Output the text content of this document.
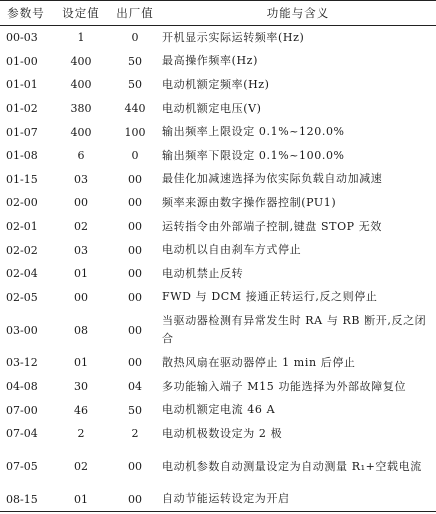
参数号	设定值	出厂值	功能与含义
00-03	1	0	开机显示实际运转频率(Hz)
01-00	400	50	最高操作频率(Hz)
01-01	400	50	电动机额定频率(Hz)
01-02	380	440	电动机额定电压(V)
01-07	400	100	输出频率上限设定 0.1%~120.0%
01-08	6	0	输出频率下限设定 0.1%~100.0%
01-15	03	00	最佳化加减速选择为依实际负载自动加减速
02-00	00	00	频率来源由数字操作器控制(PU1)
02-01	02	00	运转指令由外部端子控制,键盘 STOP 无效
02-02	03	00	电动机以自由刹车方式停止
02-04	01	00	电动机禁止反转
02-05	00	00	FWD 与 DCM 接通正转运行,反之则停止
03-00	08	00	当驱动器检测有异常发生时 RA 与 RB 断开,反之闭合
03-12	01	00	散热风扇在驱动器停止 1 min 后停止
04-08	30	04	多功能输入端子 M15 功能选择为外部故障复位
07-00	46	50	电动机额定电流 46 A
07-04	2	2	电动机极数设定为 2 极
07-05	02	00	电动机参数自动测量设定为自动测量 R₁+空载电流
08-15	01	00	自动节能运转设定为开启
